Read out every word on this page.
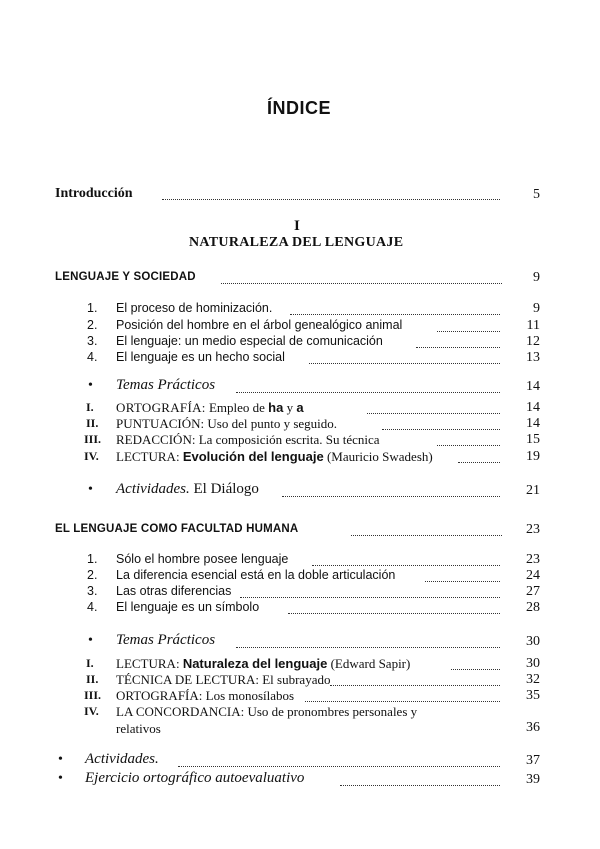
ÍNDICE
Introducción	5
I
NATURALEZA DEL LENGUAJE
LENGUAJE Y SOCIEDAD	9
1. El proceso de hominización.	9
2. Posición del hombre en el árbol genealógico animal	11
3. El lenguaje: un medio especial de comunicación	12
4. El lenguaje es un hecho social	13
• Temas Prácticos	14
I. ORTOGRAFÍA: Empleo de ha y a	14
II. PUNTUACIÓN: Uso del punto y seguido.	14
III. REDACCIÓN: La composición escrita. Su técnica	15
IV. LECTURA: Evolución del lenguaje (Mauricio Swadesh)	19
• Actividades. El Diálogo	21
EL LENGUAJE COMO FACULTAD HUMANA	23
1. Sólo el hombre posee lenguaje	23
2. La diferencia esencial está en la doble articulación	24
3. Las otras diferencias	27
4. El lenguaje es un símbolo	28
• Temas Prácticos	30
I. LECTURA: Naturaleza del lenguaje (Edward Sapir)	30
II. TÉCNICA DE LECTURA: El subrayado	32
III. ORTOGRAFÍA: Los monosílabos	35
IV. LA CONCORDANCIA: Uso de pronombres personales y
relativos	36
• Actividades.	37
• Ejercicio ortográfico autoevaluativo	39
